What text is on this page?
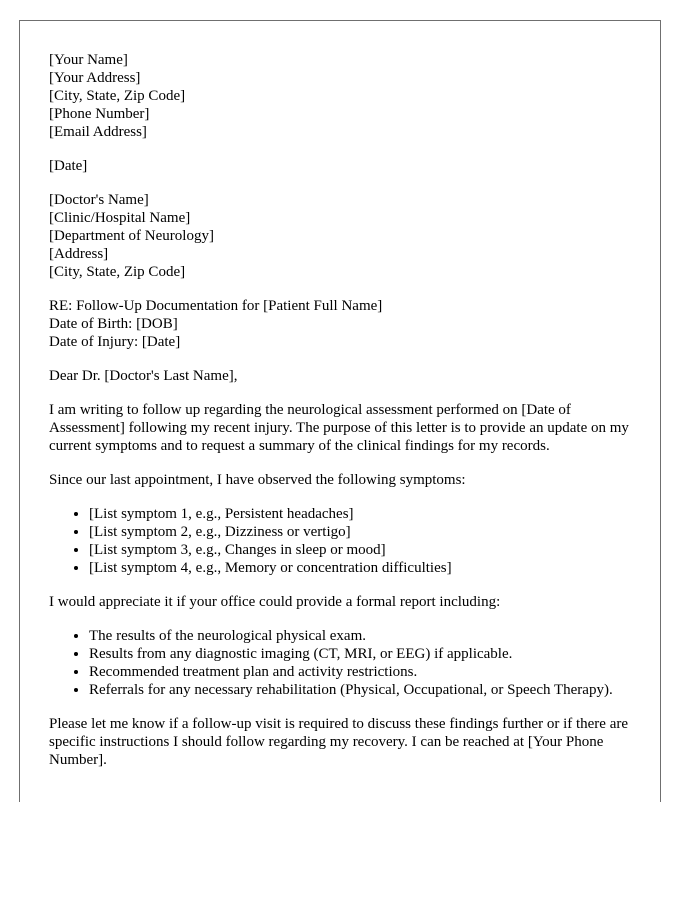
[Your Name]
[Your Address]
[City, State, Zip Code]
[Phone Number]
[Email Address]
[Date]
[Doctor's Name]
[Clinic/Hospital Name]
[Department of Neurology]
[Address]
[City, State, Zip Code]
RE: Follow-Up Documentation for [Patient Full Name]
Date of Birth: [DOB]
Date of Injury: [Date]

Dear Dr. [Doctor's Last Name],

I am writing to follow up regarding the neurological assessment performed on [Date of Assessment] following my recent injury. The purpose of this letter is to provide an update on my current symptoms and to request a summary of the clinical findings for my records.

Since our last appointment, I have observed the following symptoms:

• [List symptom 1, e.g., Persistent headaches]
• [List symptom 2, e.g., Dizziness or vertigo]
• [List symptom 3, e.g., Changes in sleep or mood]
• [List symptom 4, e.g., Memory or concentration difficulties]

I would appreciate it if your office could provide a formal report including:

• The results of the neurological physical exam.
• Results from any diagnostic imaging (CT, MRI, or EEG) if applicable.
• Recommended treatment plan and activity restrictions.
• Referrals for any necessary rehabilitation (Physical, Occupational, or Speech Therapy).

Please let me know if a follow-up visit is required to discuss these findings further or if there are specific instructions I should follow regarding my recovery. I can be reached at [Your Phone Number].
